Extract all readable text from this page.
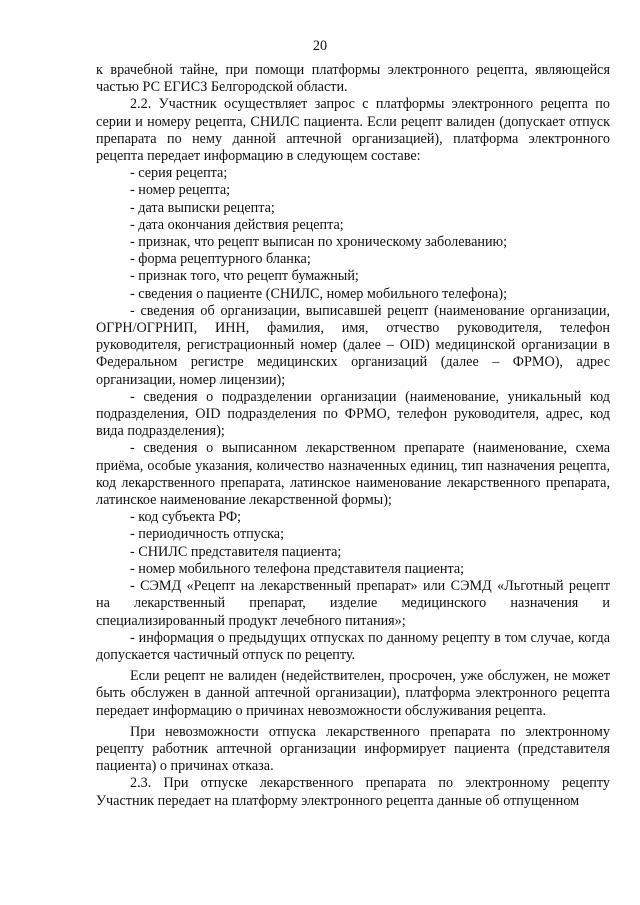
20

к врачебной тайне, при помощи платформы электронного рецепта, являющейся частью РС ЕГИСЗ Белгородской области.

2.2. Участник осуществляет запрос с платформы электронного рецепта по серии и номеру рецепта, СНИЛС пациента. Если рецепт валиден (допускает отпуск препарата по нему данной аптечной организацией), платформа электронного рецепта передает информацию в следующем составе:

- серия рецепта;

- номер рецепта;

- дата выписки рецепта;

- дата окончания действия рецепта;

- признак, что рецепт выписан по хроническому заболеванию;

- форма рецептурного бланка;

- признак того, что рецепт бумажный;

- сведения о пациенте (СНИЛС, номер мобильного телефона);

- сведения об организации, выписавшей рецепт (наименование организации, ОГРН/ОГРНИП, ИНН, фамилия, имя, отчество руководителя, телефон руководителя, регистрационный номер (далее – OID) медицинской организации в Федеральном регистре медицинских организаций (далее – ФРМО), адрес организации, номер лицензии);

- сведения о подразделении организации (наименование, уникальный код подразделения, OID подразделения по ФРМО, телефон руководителя, адрес, код вида подразделения);

- сведения о выписанном лекарственном препарате (наименование, схема приёма, особые указания, количество назначенных единиц, тип назначения рецепта, код лекарственного препарата, латинское наименование лекарственного препарата, латинское наименование лекарственной формы);

- код субъекта РФ;

- периодичность отпуска;

- СНИЛС представителя пациента;

- номер мобильного телефона представителя пациента;

- СЭМД «Рецепт на лекарственный препарат» или СЭМД «Льготный рецепт на лекарственный препарат, изделие медицинского назначения и специализированный продукт лечебного питания»;

- информация о предыдущих отпусках по данному рецепту в том случае, когда допускается частичный отпуск по рецепту.

Если рецепт не валиден (недействителен, просрочен, уже обслужен, не может быть обслужен в данной аптечной организации), платформа электронного рецепта передает информацию о причинах невозможности обслуживания рецепта.

При невозможности отпуска лекарственного препарата по электронному рецепту работник аптечной организации информирует пациента (представителя пациента) о причинах отказа.

2.3. При отпуске лекарственного препарата по электронному рецепту Участник передает на платформу электронного рецепта данные об отпущенном
